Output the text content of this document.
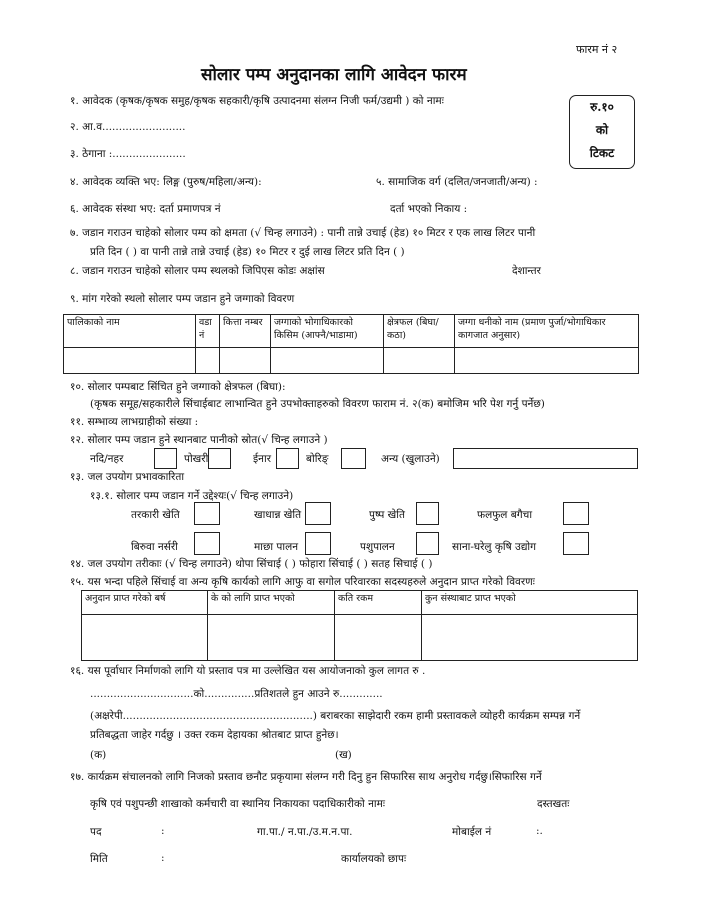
फारम नं २
सोलार पम्प अनुदानका लागि आवेदन फारम
रु.१०
को
टिकट
१. आवेदक (कृषक/कृषक समुह/कृषक सहकारी/कृषि उत्पादनमा संलग्न निजी फर्म/उद्यमी ) को नामः
२. आ.व.........................
३. ठेगाना :......................
४. आवेदक व्यक्ति भए: लिङ्ग (पुरुष/महिला/अन्य):	५. सामाजिक वर्ग (दलित/जनजाती/अन्य) :
६. आवेदक संस्था भए: दर्ता प्रमाणपत्र नं	दर्ता भएको निकाय :
७. जडान गराउन चाहेको सोलार पम्प को क्षमता (√ चिन्ह लगाउने) : पानी तान्ने उचाई (हेड) १० मिटर र एक लाख लिटर पानी
प्रति दिन ( ) वा पानी तान्ने तान्ने उचाई (हेड) १० मिटर र दुई लाख लिटर प्रति दिन ( )
८. जडान गराउन चाहेको सोलार पम्प स्थलको जिपिएस कोडः अक्षांस	देशान्तर
९. मांग गरेको स्थलो सोलार पम्प जडान हुने जग्गाको विवरण
पालिकाको नाम	वडा नं	कित्ता नम्बर	जग्गाको भोगाधिकारको किसिम (आफ्नै/भाडामा)	क्षेत्रफल (बिघा/कठा)	जग्गा धनीको नाम (प्रमाण पुर्जा/भोगाधिकार कागजात अनुसार)

१०. सोलार पम्पबाट सिंचित हुने जग्गाको क्षेत्रफल (बिघा):
(कृषक समूह/सहकारीले सिंचाईबाट लाभान्वित हुने उपभोक्ताहरुको विवरण फाराम नं. २(क) बमोजिम भरि पेश गर्नु पर्नेछ)
११. सम्भाव्य लाभग्राहीको संख्या :
१२. सोलार पम्प जडान हुने स्थानबाट पानीको स्रोत(√ चिन्ह लगाउने )
नदि/नहर	पोखरी	ईनार	बोरिङ्	अन्य (खुलाउने)
१३. जल उपयोग प्रभावकारिता
१३.१. सोलार पम्प जडान गर्ने उद्देश्यः(√ चिन्ह लगाउने)
तरकारी खेति	खाधान्न खेति	पुष्प खेति	फलफुल बगैचा
बिरुवा नर्सरी	माछा पालन	पशुपालन	साना-घरेलु कृषि उद्योग
१४. जल उपयोग तरीकाः (√ चिन्ह लगाउने) थोपा सिंचाई ( ) फोहारा सिंचाई ( ) सतह सिचाई ( )
१५. यस भन्दा पहिले सिंचाई वा अन्य कृषि कार्यको लागि आफु वा सगोल परिवारका सदस्यहरुले अनुदान प्राप्त गरेको विवरणः
अनुदान प्राप्त गरेको बर्ष	के को लागि प्राप्त भएको	कति रकम	कुन संस्थाबाट प्राप्त भएको

१६. यस पूर्वाधार निर्माणको लागि यो प्रस्ताव पत्र मा उल्लेखित यस आयोजनाको कुल लागत रु .
...............................को...............प्रतिशतले हुन आउने रु.............
(अक्षरेपी.........................................................) बराबरका साझेदारी रकम हामी प्रस्तावकले व्योहरी कार्यक्रम सम्पन्न गर्ने
प्रतिबद्धता जाहेर गर्दछु । उक्त रकम देहायका श्रोतबाट प्राप्त हुनेछ।
(क)	(ख)
१७. कार्यक्रम संचालनको लागि निजको प्रस्ताव छनौट प्रकृयामा संलग्न गरी दिनु हुन सिफारिस साथ अनुरोध गर्दछु।सिफारिस गर्ने
कृषि एवं पशुपन्छी शाखाको कर्मचारी वा स्थानिय निकायका पदाधिकारीको नामः	दस्तखतः
पद	:	गा.पा./ न.पा./उ.म.न.पा.	मोबाईल नं	:.
मिति	:	कार्यालयको छापः
